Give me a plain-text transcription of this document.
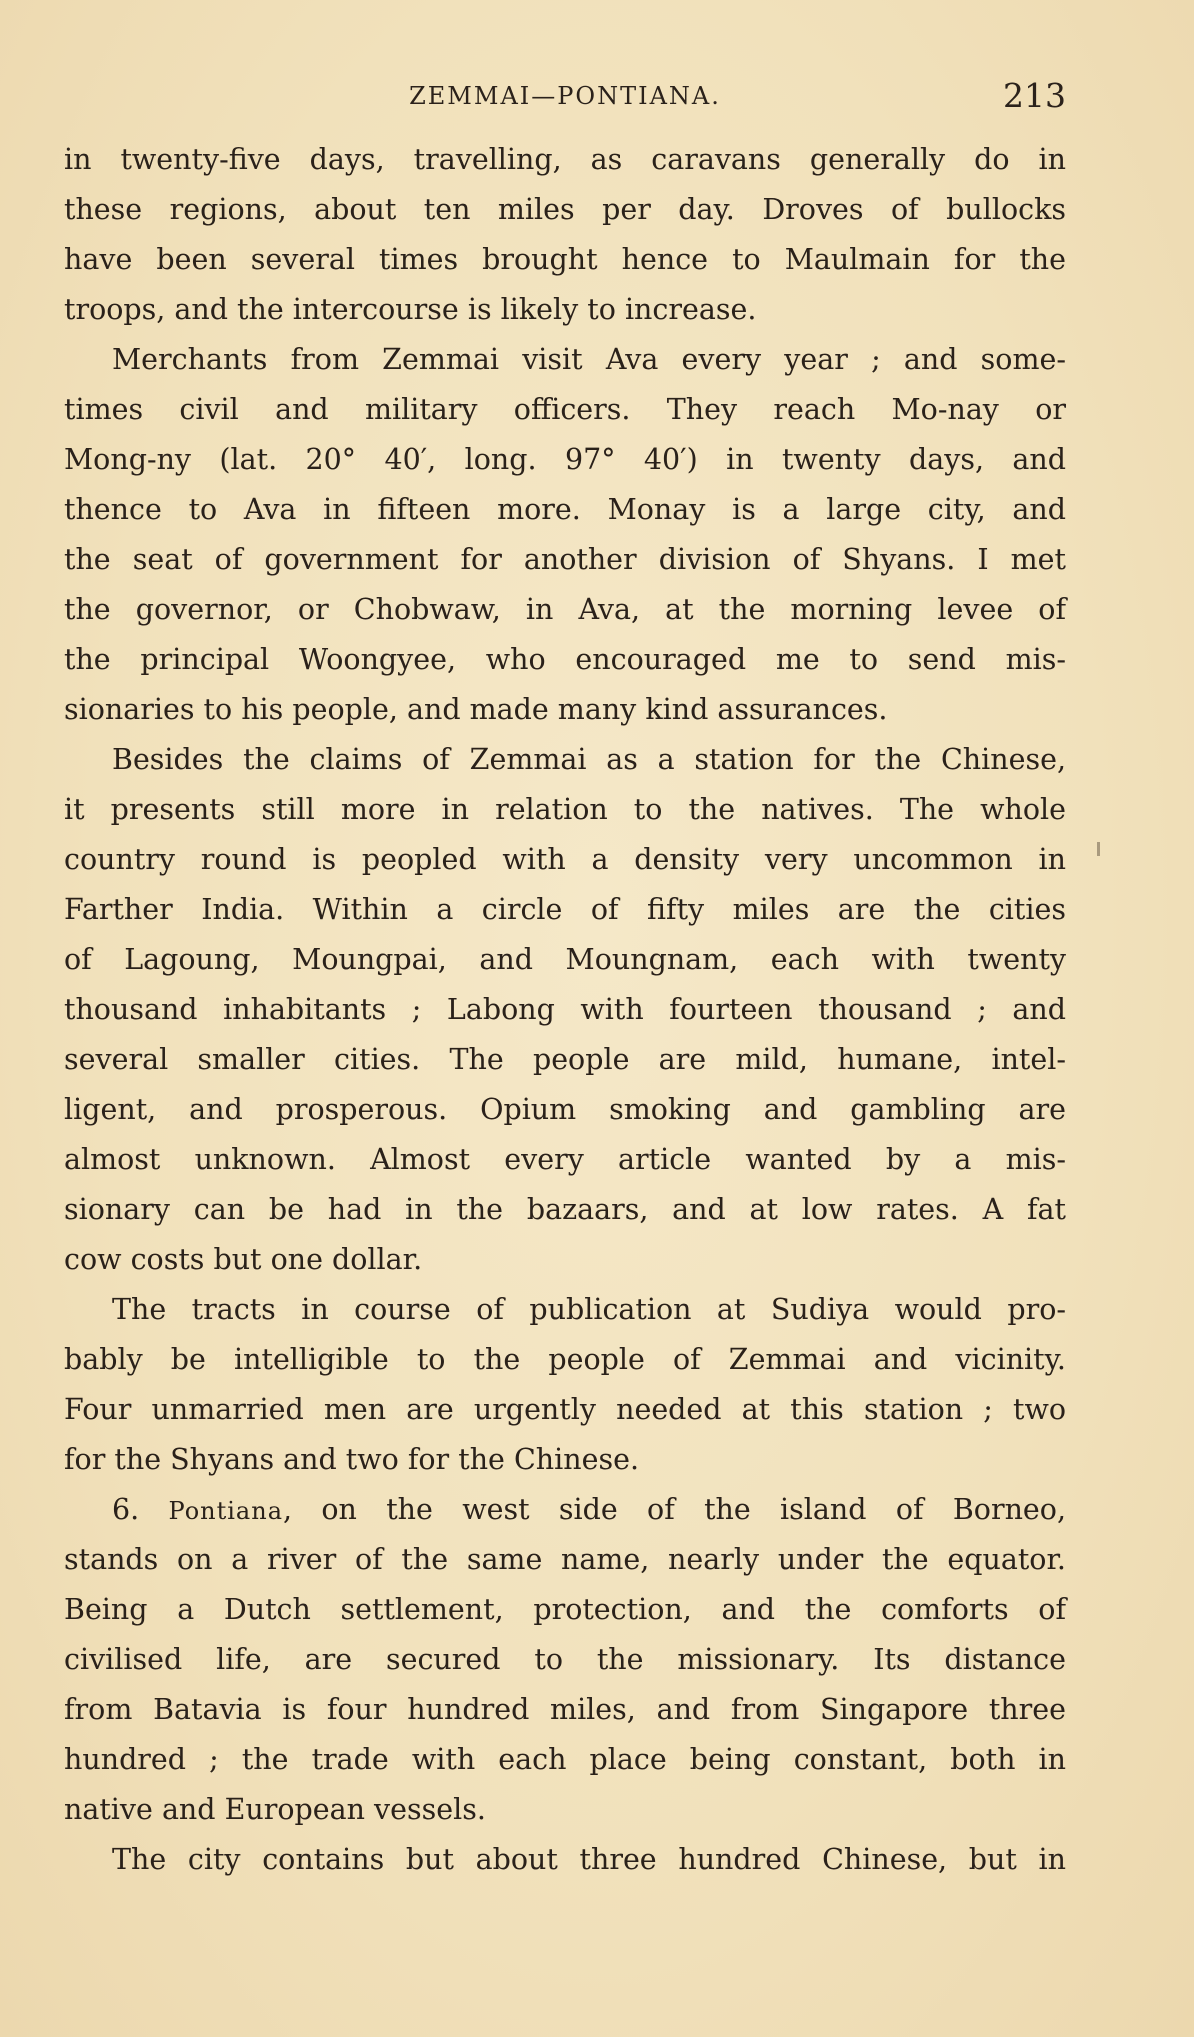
ZEMMAI—PONTIANA.	213
in twenty-five days, travelling, as caravans generally do in
these regions, about ten miles per day. Droves of bullocks
have been several times brought hence to Maulmain for the
troops, and the intercourse is likely to increase.
Merchants from Zemmai visit Ava every year ; and some-
times civil and military officers. They reach Mo-nay or
Mong-ny (lat. 20° 40′, long. 97° 40′) in twenty days, and
thence to Ava in fifteen more. Monay is a large city, and
the seat of government for another division of Shyans. I met
the governor, or Chobwaw, in Ava, at the morning levee of
the principal Woongyee, who encouraged me to send mis-
sionaries to his people, and made many kind assurances.
Besides the claims of Zemmai as a station for the Chinese,
it presents still more in relation to the natives. The whole
country round is peopled with a density very uncommon in
Farther India. Within a circle of fifty miles are the cities
of Lagoung, Moungpai, and Moungnam, each with twenty
thousand inhabitants ; Labong with fourteen thousand ; and
several smaller cities. The people are mild, humane, intel-
ligent, and prosperous. Opium smoking and gambling are
almost unknown. Almost every article wanted by a mis-
sionary can be had in the bazaars, and at low rates. A fat
cow costs but one dollar.
The tracts in course of publication at Sudiya would pro-
bably be intelligible to the people of Zemmai and vicinity.
Four unmarried men are urgently needed at this station ; two
for the Shyans and two for the Chinese.
6. Pontiana, on the west side of the island of Borneo,
stands on a river of the same name, nearly under the equator.
Being a Dutch settlement, protection, and the comforts of
civilised life, are secured to the missionary. Its distance
from Batavia is four hundred miles, and from Singapore three
hundred ; the trade with each place being constant, both in
native and European vessels.
The city contains but about three hundred Chinese, but in
